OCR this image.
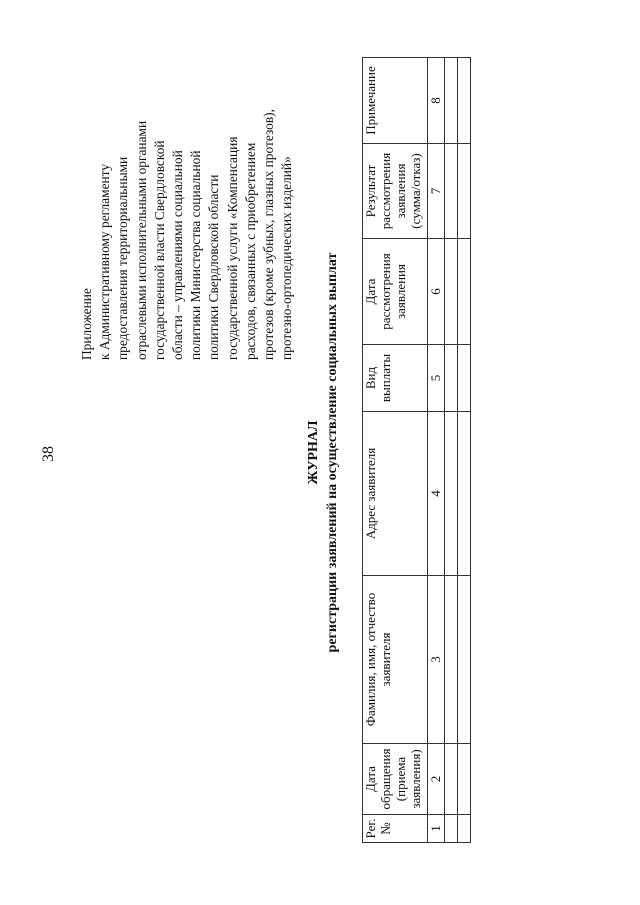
38
Приложение к Административному регламенту предоставления территориальными отраслевыми исполнительными органами государственной власти Свердловской области – управлениями социальной политики Министерства социальной политики Свердловской области государственной услуги «Компенсация расходов, связанных с приобретением протезов (кроме зубных, глазных протезов), протезно-ортопедических изделий»
ЖУРНАЛ регистрации заявлений на осуществление социальных выплат
Рег. №	Дата обращения (приема заявления)	Фамилия, имя, отчество заявителя	Адрес заявителя	Вид выплаты	Дата рассмотрения заявления	Результат рассмотрения заявления (сумма/отказ)	Примечание
1	2	3	4	5	6	7	8
